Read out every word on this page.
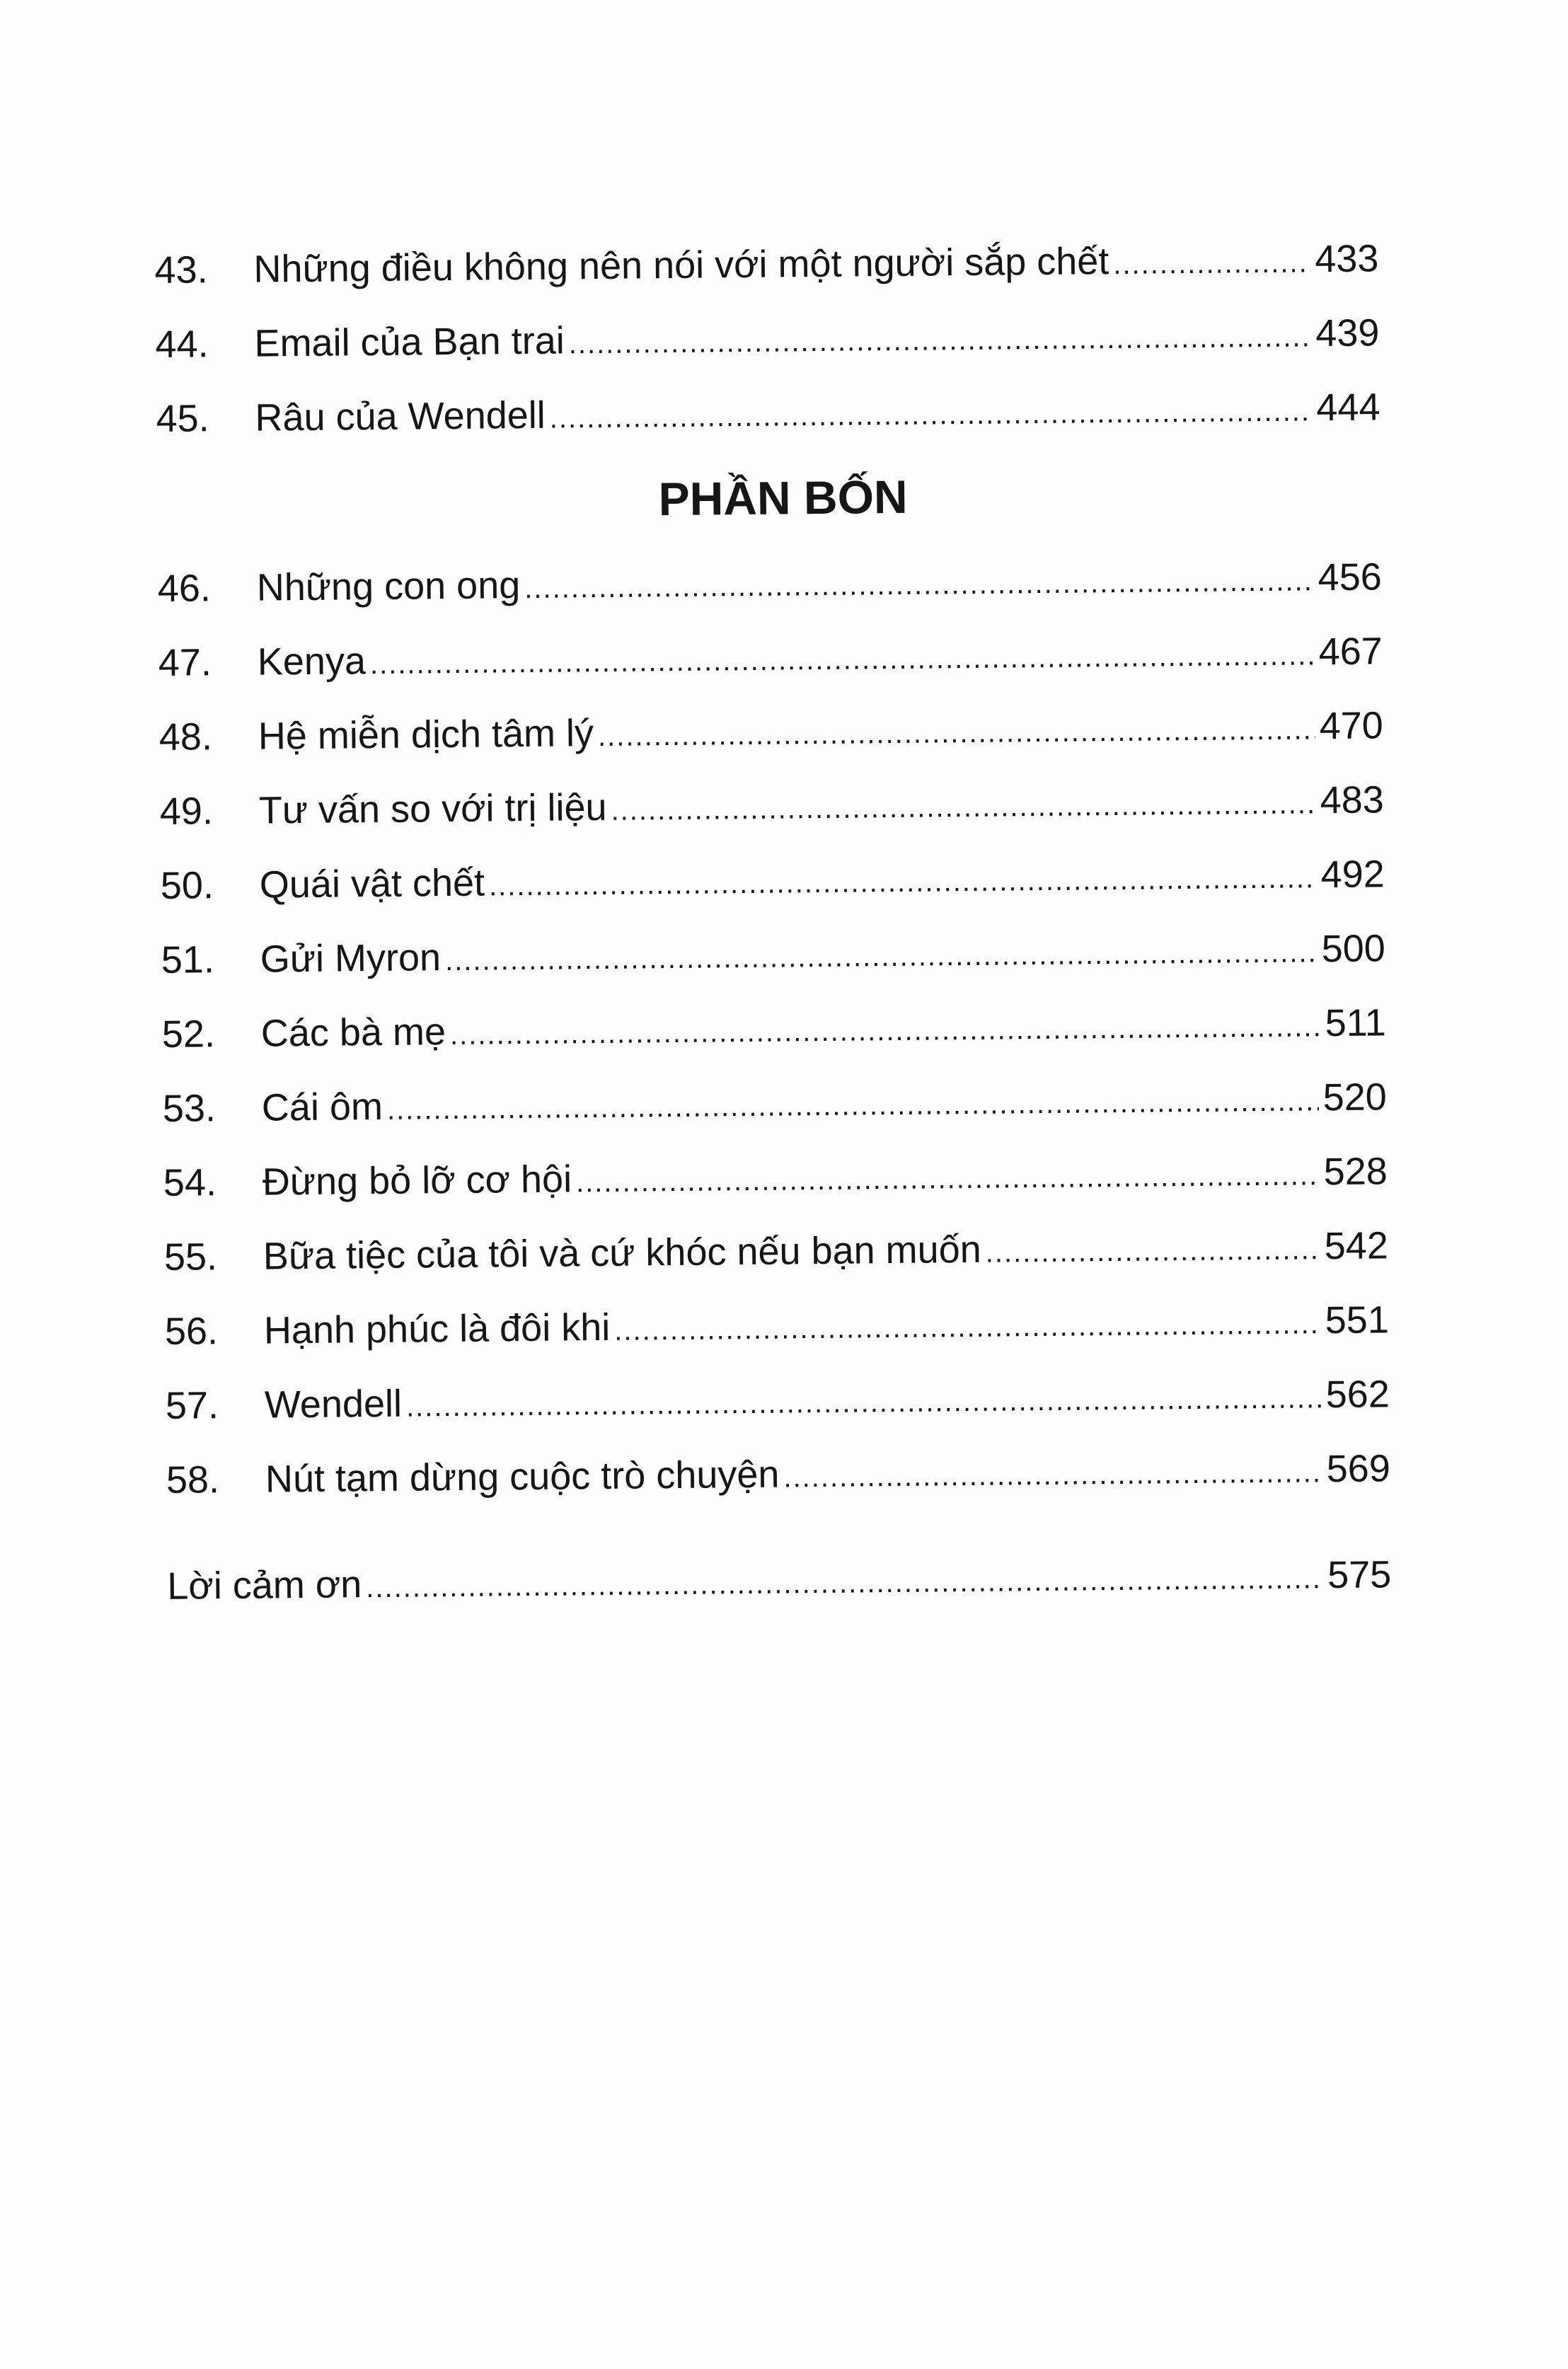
43.	Những điều không nên nói với một người sắp chết .....	433
44.	Email của Bạn trai .....	439
45.	Râu của Wendell .....	444
PHẦN BỐN
46.	Những con ong .....	456
47.	Kenya .....	467
48.	Hệ miễn dịch tâm lý .....	470
49.	Tư vấn so với trị liệu .....	483
50.	Quái vật chết .....	492
51.	Gửi Myron .....	500
52.	Các bà mẹ .....	511
53.	Cái ôm .....	520
54.	Đừng bỏ lỡ cơ hội .....	528
55.	Bữa tiệc của tôi và cứ khóc nếu bạn muốn .....	542
56.	Hạnh phúc là đôi khi .....	551
57.	Wendell .....	562
58.	Nút tạm dừng cuộc trò chuyện .....	569
Lời cảm ơn .....	575
